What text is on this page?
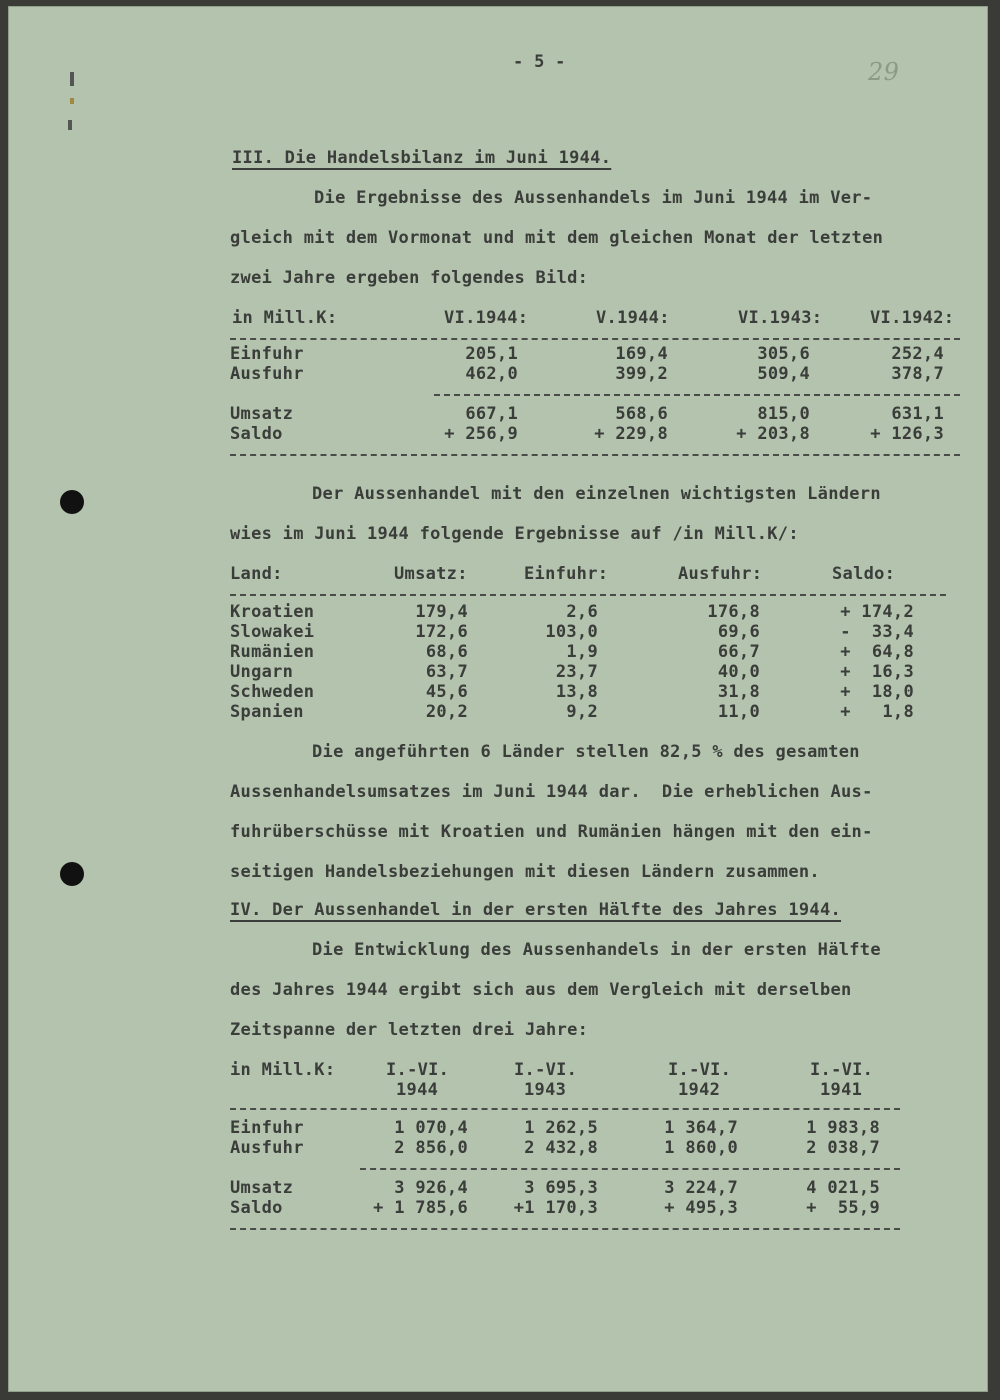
- 5 -	29
III. Die Handelsbilanz im Juni 1944.
Die Ergebnisse des Aussenhandels im Juni 1944 im Ver-
gleich mit dem Vormonat und mit dem gleichen Monat der letzten
zwei Jahre ergeben folgendes Bild:
in Mill.K:	VI.1944:	V.1944:	VI.1943:	VI.1942:
Einfuhr	205,1	169,4	305,6	252,4
Ausfuhr	462,0	399,2	509,4	378,7
Umsatz	667,1	568,6	815,0	631,1
Saldo	+ 256,9	+ 229,8	+ 203,8	+ 126,3
Der Aussenhandel mit den einzelnen wichtigsten Ländern
wies im Juni 1944 folgende Ergebnisse auf /in Mill.K/:
Land:	Umsatz:	Einfuhr:	Ausfuhr:	Saldo:
Kroatien	179,4	2,6	176,8	+ 174,2
Slowakei	172,6	103,0	69,6	-  33,4
Rumänien	68,6	1,9	66,7	+  64,8
Ungarn	63,7	23,7	40,0	+  16,3
Schweden	45,6	13,8	31,8	+  18,0
Spanien	20,2	9,2	11,0	+   1,8
Die angeführten 6 Länder stellen 82,5 % des gesamten
Aussenhandelsumsatzes im Juni 1944 dar.  Die erheblichen Aus-
fuhrüberschüsse mit Kroatien und Rumänien hängen mit den ein-
seitigen Handelsbeziehungen mit diesen Ländern zusammen.
IV. Der Aussenhandel in der ersten Hälfte des Jahres 1944.
Die Entwicklung des Aussenhandels in der ersten Hälfte
des Jahres 1944 ergibt sich aus dem Vergleich mit derselben
Zeitspanne der letzten drei Jahre:
in Mill.K:	I.-VI.	I.-VI.	I.-VI.	I.-VI.
1944	1943	1942	1941
Einfuhr	1 070,4	1 262,5	1 364,7	1 983,8
Ausfuhr	2 856,0	2 432,8	1 860,0	2 038,7
Umsatz	3 926,4	3 695,3	3 224,7	4 021,5
Saldo	+ 1 785,6	+1 170,3	+ 495,3	+  55,9
